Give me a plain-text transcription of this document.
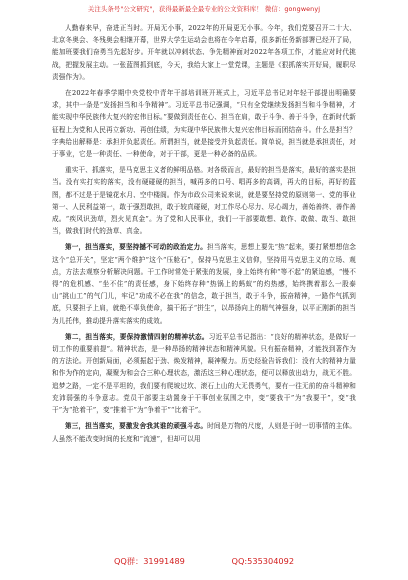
关注头条号"公文研究"，获得最新最全最专业的公文资料库！ 微信：gongwenyj

人勤春来早，奋进正当时。开局无小事，2022年的开局更无小事。今年，我们党要召开二十大、北京冬奥会、冬残奥会相继开幕，世界大学生运动会也将在今年启幕，很多新任务新部署已经开了局，能加班要我们奋勇当先起好步。开年就以冲刺状态、争先精神面对2022年各项工作，才能应对时代挑战，把握发展主动。一张蓝图抓到底，今天，我给大家上一堂党课，主题是《狠抓落实开好局，履职尽责强作为》。

在2022年春季学期中央党校中青年干部培训班开班式上，习近平总书记对年轻干部提出明确要求，其中一条是“发扬担当和斗争精神”。习近平总书记强调，“只有全党继续发扬担当和斗争精神，才能实现中华民族伟大复兴的宏伟目标。”要做到责任在心、担当在肩，敢于斗争、善于斗争，在新时代新征程上为党和人民再立新功、再创佳绩，为实现中华民族伟大复兴宏伟目标而团结奋斗。什么是担当？字典给出解释是：承担并负起责任。所谓担当，就是接受并负起责任。简单说，担当就是承担责任，对于事业，它是一种责任、一种使命，对于干部，更是一种必备的品质。

重实干、抓落实，是马克思主义者的鲜明品格。对各级而言，最好的担当是落实，最好的落实是担当。没有实打实的落实，没有硬碰硬的担当，喊再多的口号、唱再多的高调，再大的目标，再好的蓝图，都不过是于是镜花水月、空中楼阁。作为市政公司来说来说，就是要坚持党的原则第一、党的事业第一、人民利益第一，敢于强烈敢担，敢于较真碰硬，对工作尽心尽力、尽心竭力，善始善终、善作善成。“疾风识劲草，烈火见真金”。为了党和人民事业，我们一干部要敢想、敢作、敢做、敢当、敢担当，做我们时代的劲草、真金。

第一，担当落实，要坚持撼不可动的政治定力。担当落实，思想上要先“热”起来，要打紧想想信念这个“总开关”，坚定“两个维护”这个“压舱石”，保持马克思主义信仰，坚持用马克思主义的立场、观点，方法去观察分析解决问题。干工作时常处于紧张的发展，身上始终有种“等不起”的紧迫感，“慢不得”的危机感、“坐不住”的责任感，身下始终存种“热锅上的蚂蚁”的灼热感，始终携着那么一股泰山“挑山工”的气门儿，牢记“功成不必在我”的信念，敢于担当，敢于斗争，振奋精神，一路作气抓到底，只要担子上肩，就绝不辜负使命，搞干拓子“拼生”，以昂扬向上的精气神强身，以平正刚新的担当为儿托伟，推动提升落实落实的成效。

第二，担当落实，要保持激情四射的精神状态。习近平总书记指出：“良好的精神状态，是做好一切工作的重要前提”。精神状态，是一种昂扬的精神状态和精神风貌。只有振奋精神，才能找到著作为的方法论。开创新局面，必须振起于劲、焕发精神，凝神聚力。历史经验告诉我们：没有大的精神力量和作为作的定向，凝聚为和会合三种心理状态，激活这三种心理状态，便可以释放出动力，战无不胜。追梦之路，一定不是平坦的，我们要有爬坡过坎、滚石上山的大无畏勇气，要有一往无前的奋斗精神和充沛弱强的斗争意志。党员干部要主动置身于干事创业氛围之中，变“要我干”为“我要干”，变“我干”为“抢着干”，变“推着干”为“争着干”“比着干”。

第三，担当落实，要激发舍我其谁的顽强斗志。时间是万物的尺度，人则是于时一切事情的主体。人虽然不能改变时间的长度和“流速”，但却可以用

QQ群：31991489	QQ:535304092
